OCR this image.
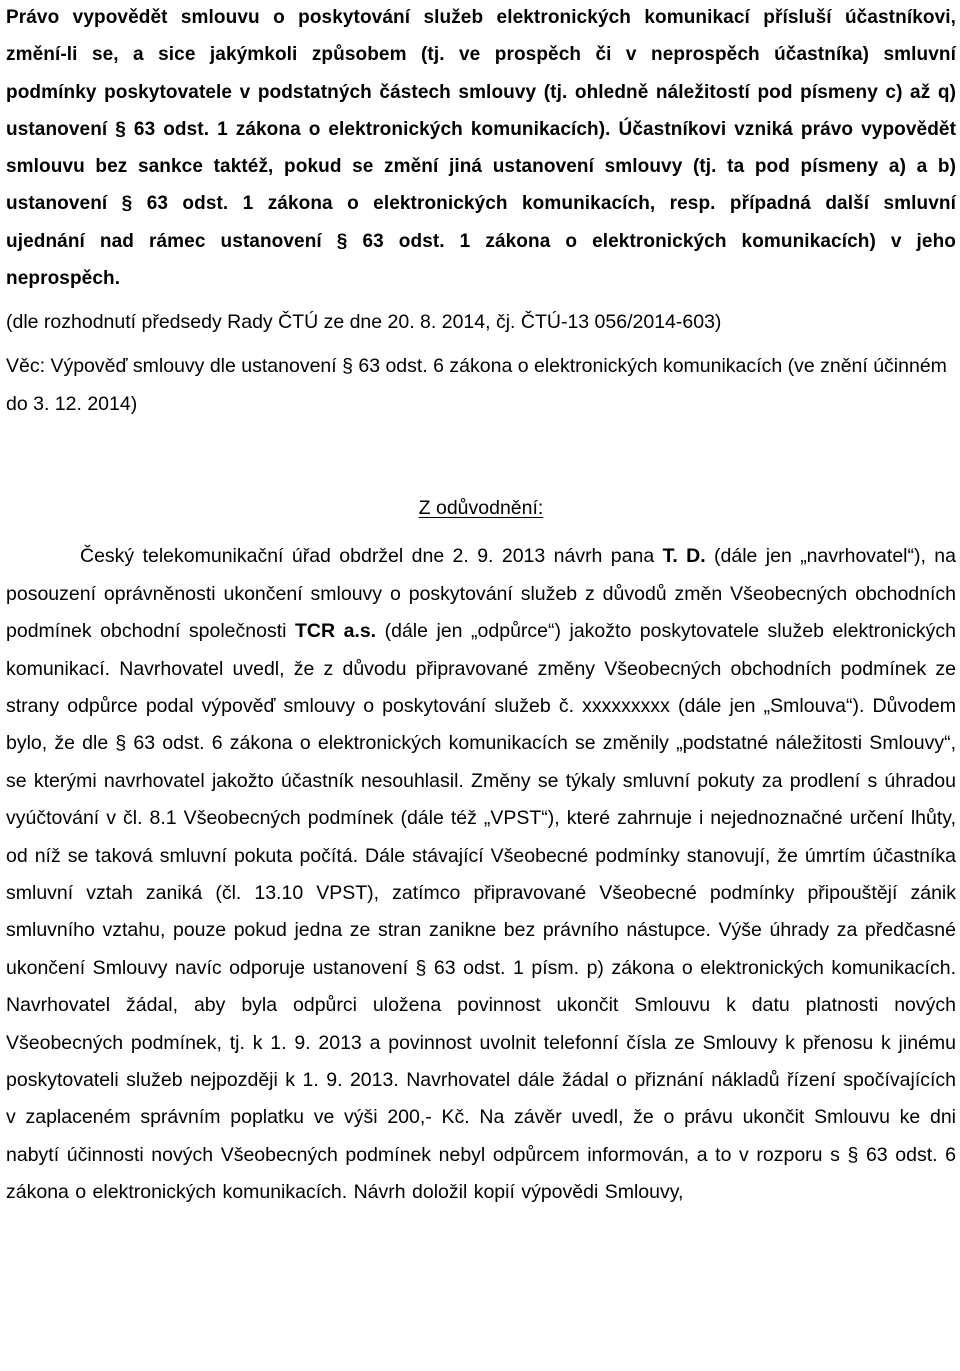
Právo vypovědět smlouvu o poskytování služeb elektronických komunikací přísluší účastníkovi, změní-li se, a sice jakýmkoli způsobem (tj. ve prospěch či v neprospěch účastníka) smluvní podmínky poskytovatele v podstatných částech smlouvy (tj. ohledně náležitostí pod písmeny c) až q) ustanovení § 63 odst. 1 zákona o elektronických komunikacích). Účastníkovi vzniká právo vypovědět smlouvu bez sankce taktéž, pokud se změní jiná ustanovení smlouvy (tj. ta pod písmeny a) a b) ustanovení § 63 odst. 1 zákona o elektronických komunikacích, resp. případná další smluvní ujednání nad rámec ustanovení § 63 odst. 1 zákona o elektronických komunikacích) v jeho neprospěch.

(dle rozhodnutí předsedy Rady ČTÚ ze dne 20. 8. 2014, čj. ČTÚ-13 056/2014-603)

Věc: Výpověď smlouvy dle ustanovení § 63 odst. 6 zákona o elektronických komunikacích (ve znění účinném do 3. 12. 2014)

Z odůvodnění:

Český telekomunikační úřad obdržel dne 2. 9. 2013 návrh pana T. D. (dále jen „navrhovatel“), na posouzení oprávněnosti ukončení smlouvy o poskytování služeb z důvodů změn Všeobecných obchodních podmínek obchodní společnosti TCR a.s. (dále jen „odpůrce“) jakožto poskytovatele služeb elektronických komunikací. Navrhovatel uvedl, že z důvodu připravované změny Všeobecných obchodních podmínek ze strany odpůrce podal výpověď smlouvy o poskytování služeb č. xxxxxxxxx (dále jen „Smlouva“). Důvodem bylo, že dle § 63 odst. 6 zákona o elektronických komunikacích se změnily „podstatné náležitosti Smlouvy“, se kterými navrhovatel jakožto účastník nesouhlasil. Změny se týkaly smluvní pokuty za prodlení s úhradou vyúčtování v čl. 8.1 Všeobecných podmínek (dále též „VPST“), které zahrnuje i nejednoznačné určení lhůty, od níž se taková smluvní pokuta počítá. Dále stávající Všeobecné podmínky stanovují, že úmrtím účastníka smluvní vztah zaniká (čl. 13.10 VPST), zatímco připravované Všeobecné podmínky připouštějí zánik smluvního vztahu, pouze pokud jedna ze stran zanikne bez právního nástupce. Výše úhrady za předčasné ukončení Smlouvy navíc odporuje ustanovení § 63 odst. 1 písm. p) zákona o elektronických komunikacích. Navrhovatel žádal, aby byla odpůrci uložena povinnost ukončit Smlouvu k datu platnosti nových Všeobecných podmínek, tj. k 1. 9. 2013 a povinnost uvolnit telefonní čísla ze Smlouvy k přenosu k jinému poskytovateli služeb nejpozději k 1. 9. 2013. Navrhovatel dále žádal o přiznání nákladů řízení spočívajících v zaplaceném správním poplatku ve výši 200,- Kč. Na závěr uvedl, že o právu ukončit Smlouvu ke dni nabytí účinnosti nových Všeobecných podmínek nebyl odpůrcem informován, a to v rozporu s § 63 odst. 6 zákona o elektronických komunikacích. Návrh doložil kopií výpovědi Smlouvy,
